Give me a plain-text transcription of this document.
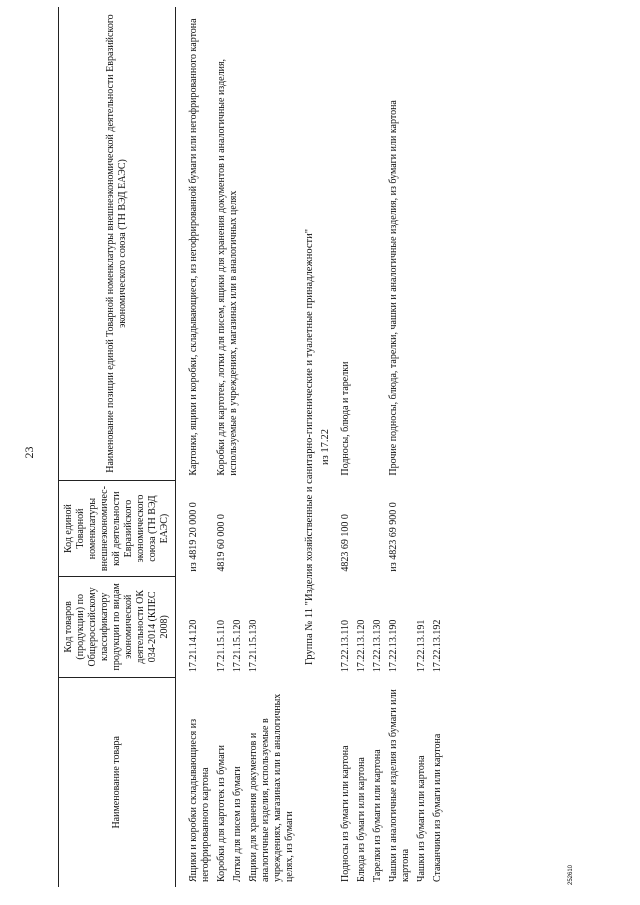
23
Наименование товара	Код товаров (продукции) по Общероссийскому классификатору продукции по видам экономической деятельности ОК 034-2014 (КПЕС 2008)	Код единой Товарной номенклатуры внешнеэкономичес-кой деятельности Евразийского экономического союза (ТН ВЭД ЕАЭС)	Наименование позиции единой Товарной номенклатуры внешнеэкономической деятельности Евразийского экономического союза (ТН ВЭД ЕАЭС)

Ящики и коробки складывающиеся из негофрированного картона	17.21.14.120	из 4819 20 000 0	Картонки, ящики и коробки, складывающиеся, из негофрированной бумаги или негофрированного картона
Коробки для картотек из бумаги	17.21.15.110	4819 60 000 0	Коробки для картотек, лотки для писем, ящики для хранения документов и аналогичные изделия, используемые в учреждениях, магазинах или в аналогичных целях
Лотки для писем из бумаги	17.21.15.120		
Ящики для хранения документов и аналогичные изделия, используемые в учреждениях, магазинах или в аналогичных целях, из бумаги	17.21.15.130		
Группа № 11 "Изделия хозяйственные и санитарно-гигиенические и туалетные принадлежности"			
из 17.22			
Подносы из бумаги или картона	17.22.13.110	4823 69 100 0	Подносы, блюда и тарелки
Блюда из бумаги или картона	17.22.13.120		
Тарелки из бумаги или картона	17.22.13.130		
Чашки и аналогичные изделия из бумаги или картона	17.22.13.190	из 4823 69 900 0	Прочие подносы, блюда, тарелки, чашки и аналогичные изделия, из бумаги или картона
Чашки из бумаги или картона	17.22.13.191		
Стаканчики из бумаги или картона	17.22.13.192		
252610
